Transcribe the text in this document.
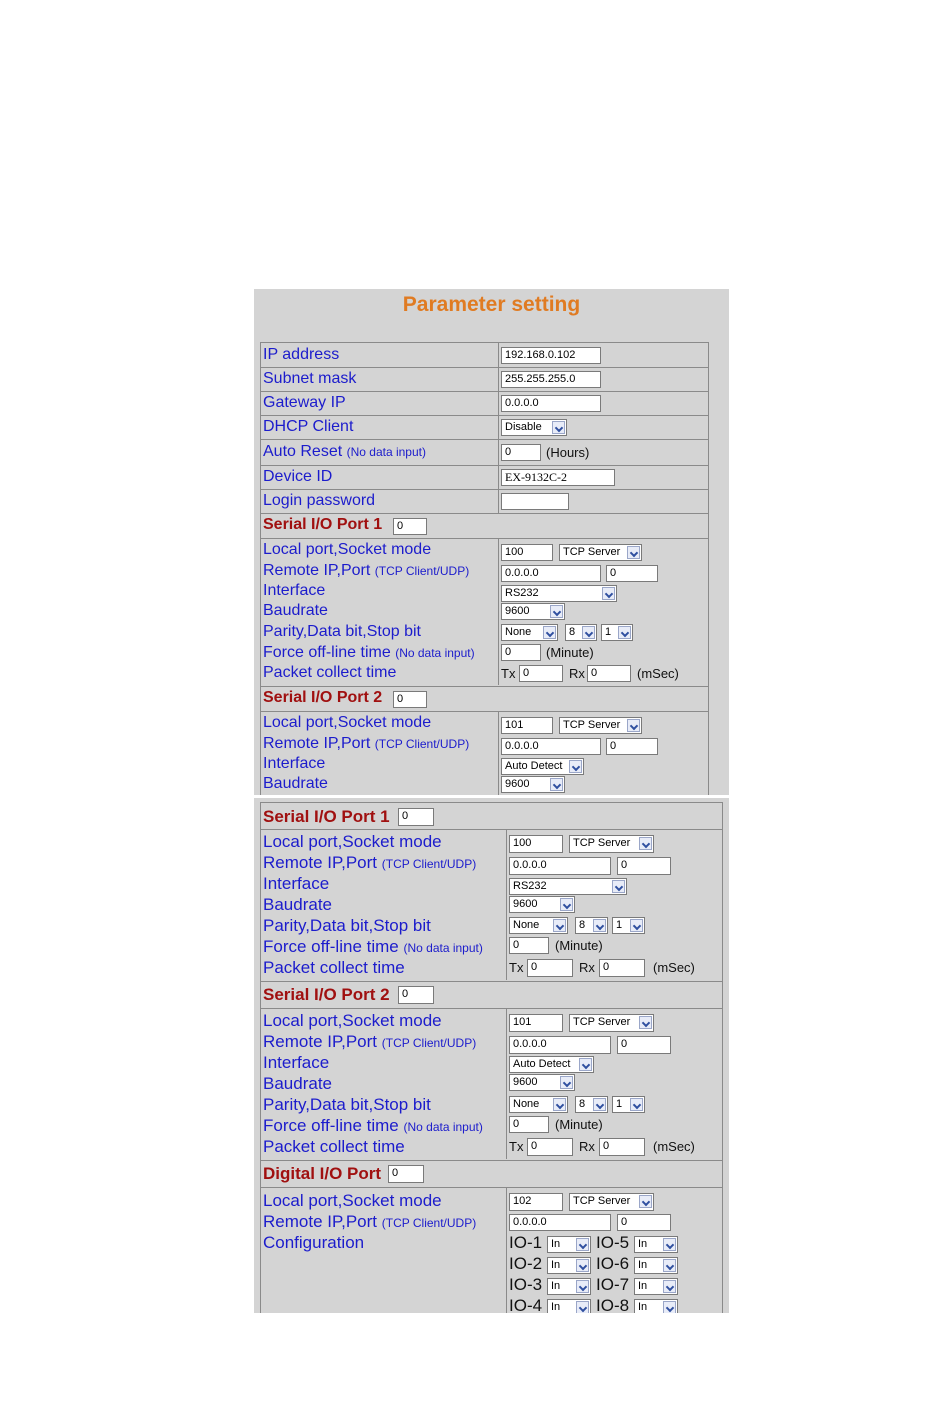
Parameter setting
IP address	192.168.0.102
Subnet mask	255.255.255.0
Gateway IP	0.0.0.0
DHCP Client	Disable
Auto Reset (No data input)	0	(Hours)
Device ID	EX-9132C-2
Login password
Serial I/O Port 1	0
Local port,Socket mode	100	TCP Server
Remote IP,Port (TCP Client/UDP)	0.0.0.0	0
Interface	RS232
Baudrate	9600
Parity,Data bit,Stop bit	None	8	1
Force off-line time (No data input)	0	(Minute)
Packet collect time	Tx 0	Rx 0	(mSec)
Serial I/O Port 2	0
Local port,Socket mode	101	TCP Server
Remote IP,Port (TCP Client/UDP)	0.0.0.0	0
Interface	Auto Detect
Baudrate	9600
Serial I/O Port 1	0
Local port,Socket mode	100	TCP Server
Remote IP,Port (TCP Client/UDP)	0.0.0.0	0
Interface	RS232
Baudrate	9600
Parity,Data bit,Stop bit	None	8	1
Force off-line time (No data input)	0	(Minute)
Packet collect time	Tx 0	Rx 0	(mSec)
Serial I/O Port 2	0
Local port,Socket mode	101	TCP Server
Remote IP,Port (TCP Client/UDP)	0.0.0.0	0
Interface	Auto Detect
Baudrate	9600
Parity,Data bit,Stop bit	None	8	1
Force off-line time (No data input)	0	(Minute)
Packet collect time	Tx 0	Rx 0	(mSec)
Digital I/O Port 0
Local port,Socket mode	102	TCP Server
Remote IP,Port (TCP Client/UDP)	0.0.0.0	0
Configuration	IO-1 In	IO-5 In
IO-2 In	IO-6 In
IO-3 In	IO-7 In
IO-4 In	IO-8 In
